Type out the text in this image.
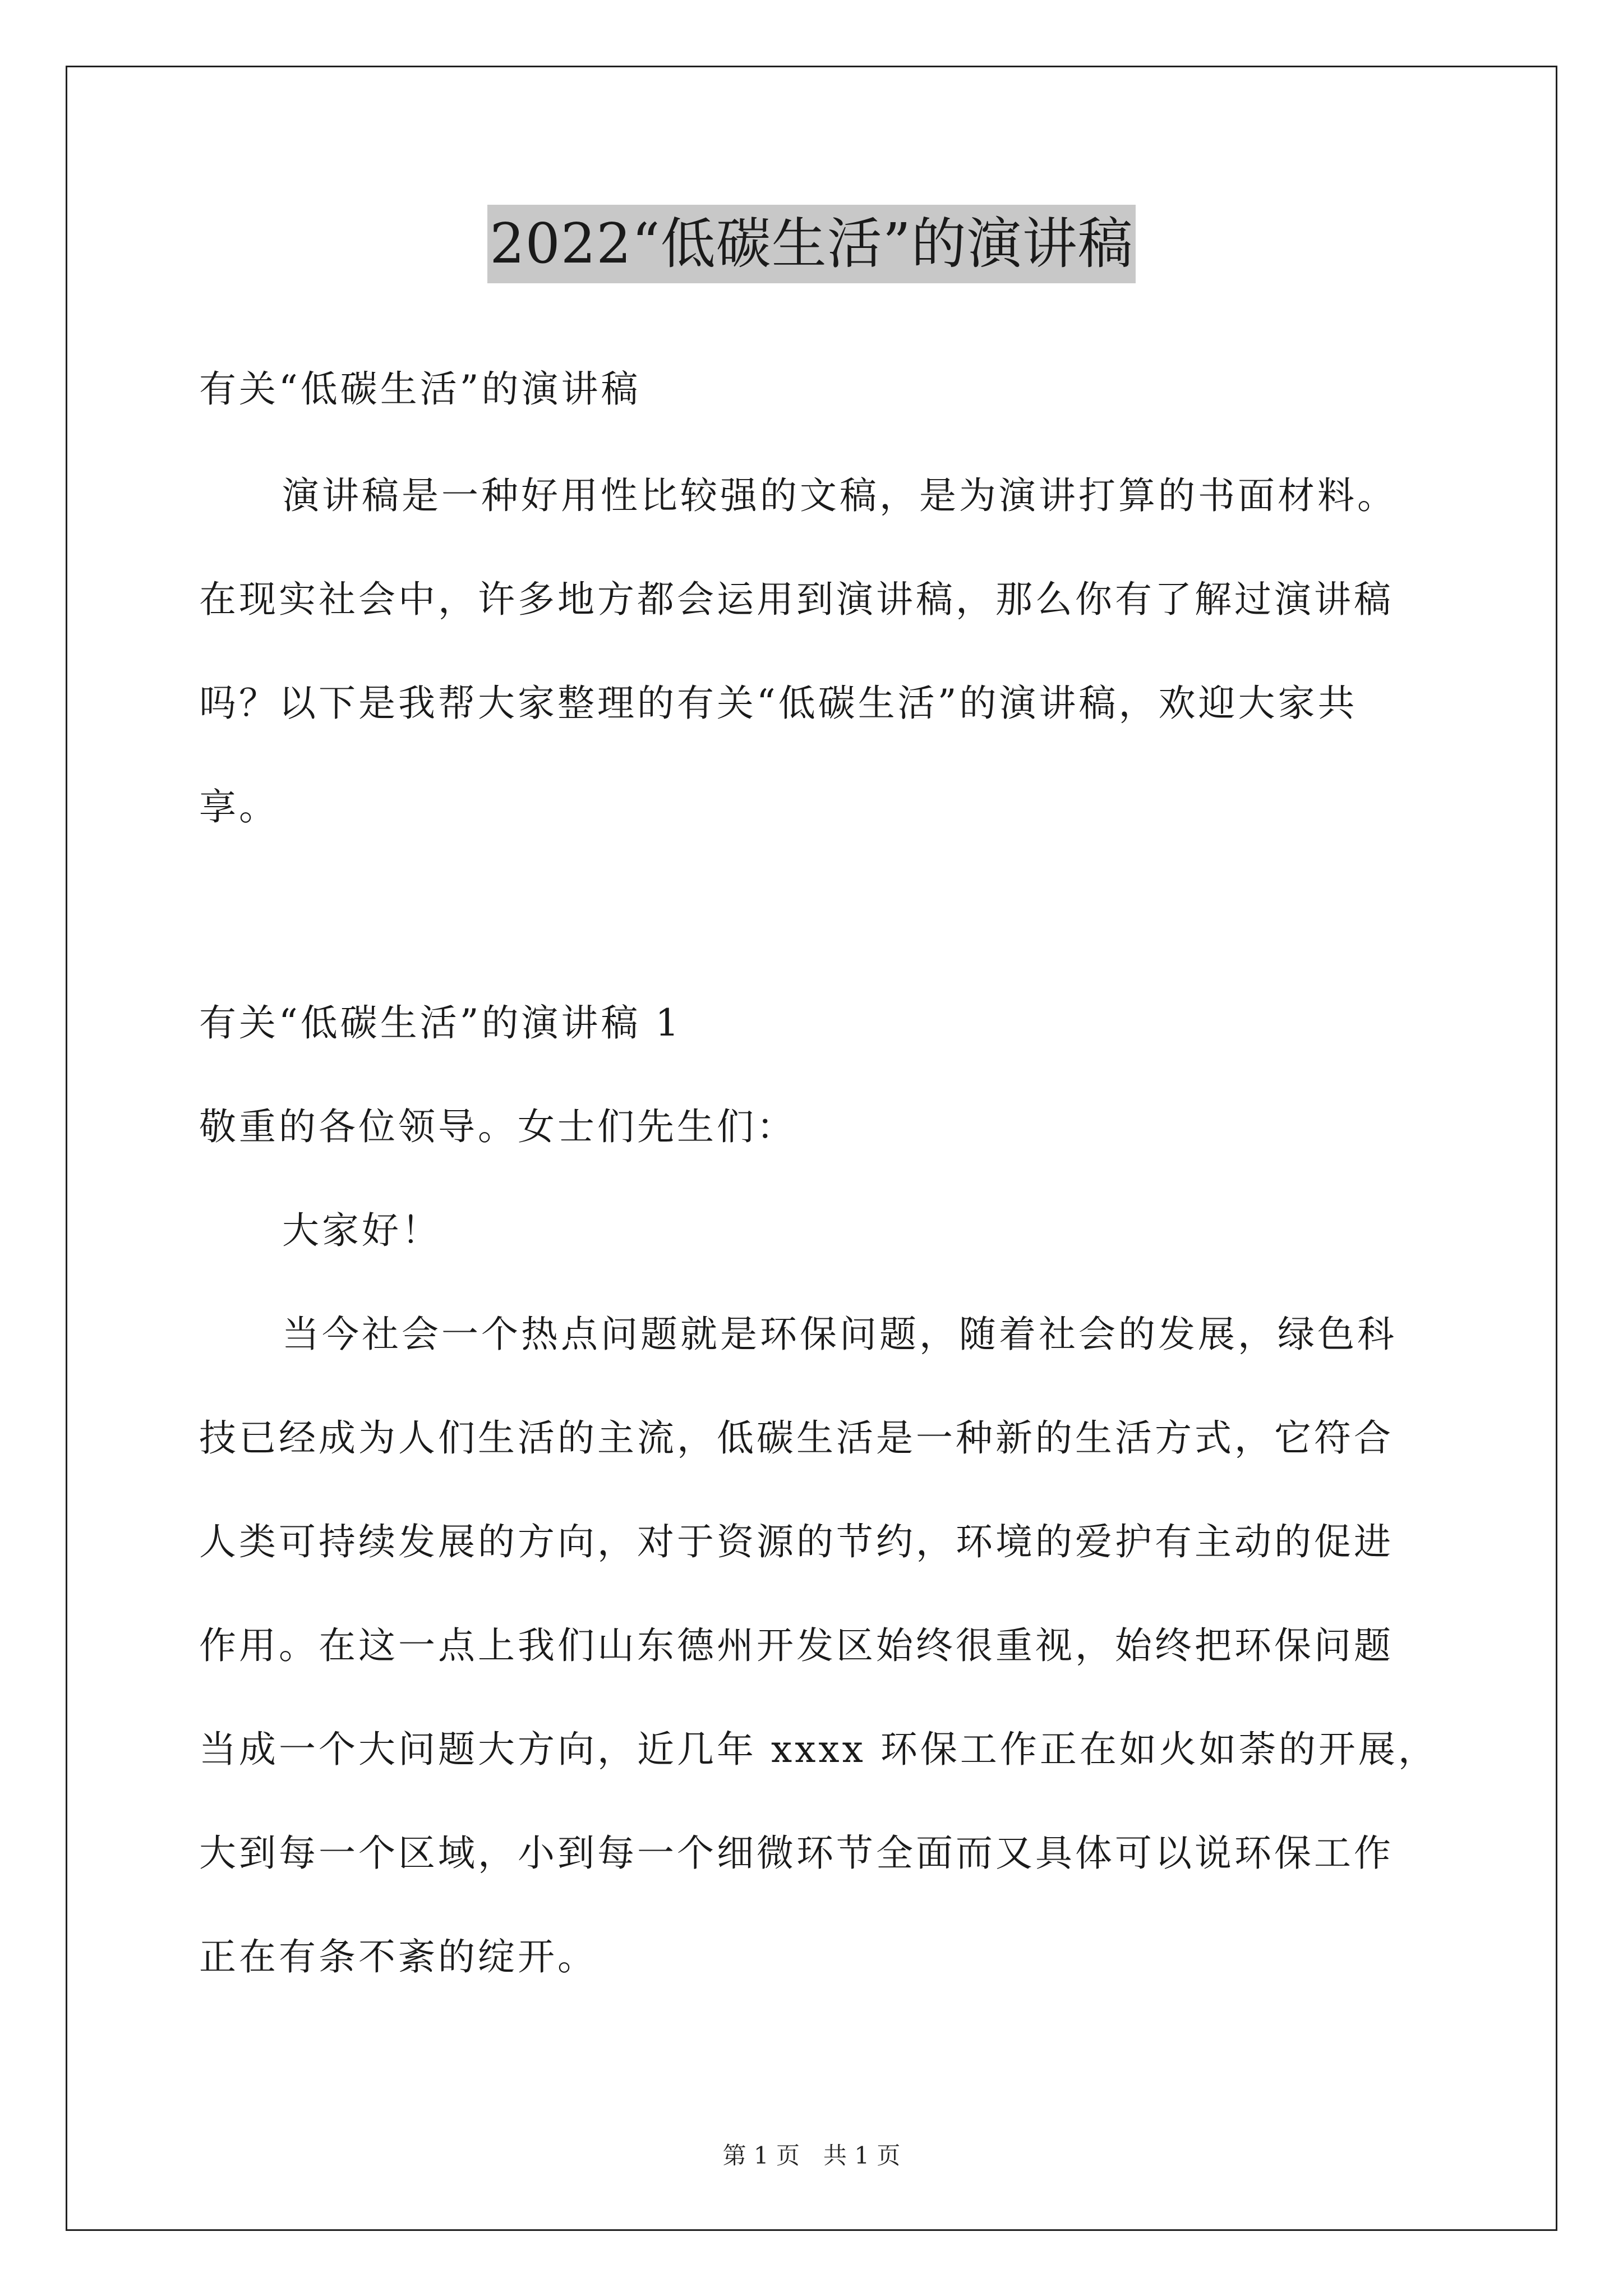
2022“低碳生活”的演讲稿
有关“低碳生活”的演讲稿
演讲稿是一种好用性比较强的文稿，是为演讲打算的书面材料。
在现实社会中，许多地方都会运用到演讲稿，那么你有了解过演讲稿
吗？以下是我帮大家整理的有关“低碳生活”的演讲稿，欢迎大家共
享。
有关“低碳生活”的演讲稿 1
敬重的各位领导。女士们先生们：
大家好！
当今社会一个热点问题就是环保问题，随着社会的发展，绿色科
技已经成为人们生活的主流，低碳生活是一种新的生活方式，它符合
人类可持续发展的方向，对于资源的节约，环境的爱护有主动的促进
作用。在这一点上我们山东德州开发区始终很重视，始终把环保问题
当成一个大问题大方向，近几年 xxxx 环保工作正在如火如荼的开展，
大到每一个区域，小到每一个细微环节全面而又具体可以说环保工作
正在有条不紊的绽开。
第 1 页　共 1 页
